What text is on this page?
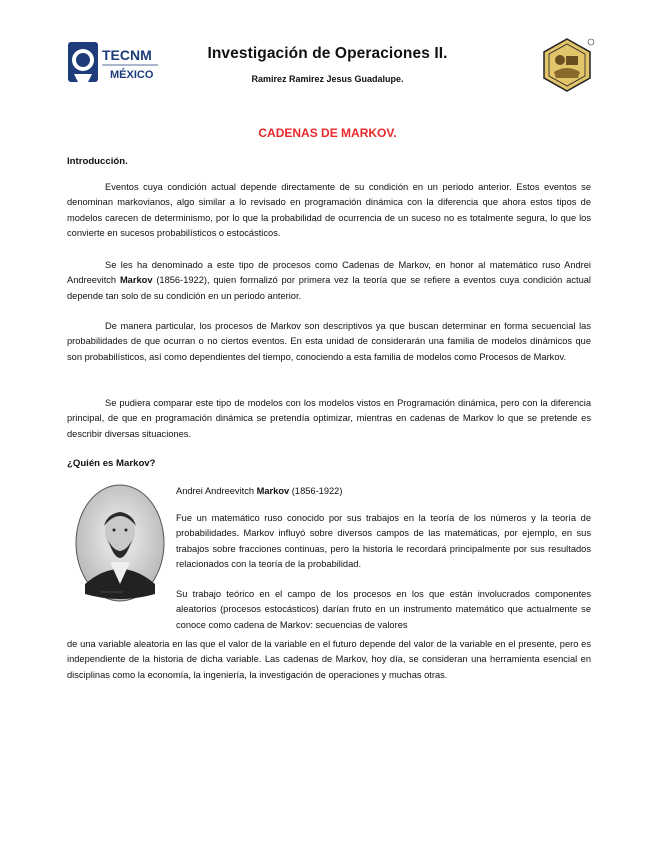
TECNM
MÉXICO
Investigación de Operaciones II.
Ramirez Ramirez Jesus Guadalupe.
CADENAS DE MARKOV.
Introducción.

Eventos cuya condición actual depende directamente de su condición en un periodo anterior. Estos eventos se denominan markovianos, algo similar a lo revisado en programación dinámica con la diferencia que ahora estos tipos de modelos carecen de determinismo, por lo que la probabilidad de ocurrencia de un suceso no es totalmente segura, lo que los convierte en sucesos probabilísticos o estocásticos.

Se les ha denominado a este tipo de procesos como Cadenas de Markov, en honor al matemático ruso Andrei Andreevitch Markov (1856-1922), quien formalizó por primera vez la teoría que se refiere a eventos cuya condición actual depende tan solo de su condición en un periodo anterior.

De manera particular, los procesos de Markov son descriptivos ya que buscan determinar en forma secuencial las probabilidades de que ocurran o no ciertos eventos. En esta unidad de considerarán una familia de modelos dinámicos que son probabilísticos, así como dependientes del tiempo, conociendo a esta familia de modelos como Procesos de Markov.

Se pudiera comparar este tipo de modelos con los modelos vistos en Programación dinámica, pero con la diferencia principal, de que en programación dinámica se pretendía optimizar, mientras en cadenas de Markov lo que se pretende es describir diversas situaciones.

¿Quién es Markov?
Andrei Andreevitch Markov (1856-1922)

Fue un matemático ruso conocido por sus trabajos en la teoría de los números y la teoría de probabilidades. Markov influyó sobre diversos campos de las matemáticas, por ejemplo, en sus trabajos sobre fracciones continuas, pero la historia le recordará principalmente por sus resultados relacionados con la teoría de la probabilidad.

Su trabajo teórico en el campo de los procesos en los que están involucrados componentes aleatorios (procesos estocásticos) darían fruto en un instrumento matemático que actualmente se conoce como cadena de Markov: secuencias de valores

de una variable aleatoria en las que el valor de la variable en el futuro depende del valor de la variable en el presente, pero es independiente de la historia de dicha variable. Las cadenas de Markov, hoy día, se consideran una herramienta esencial en disciplinas como la economía, la ingeniería, la investigación de operaciones y muchas otras.
